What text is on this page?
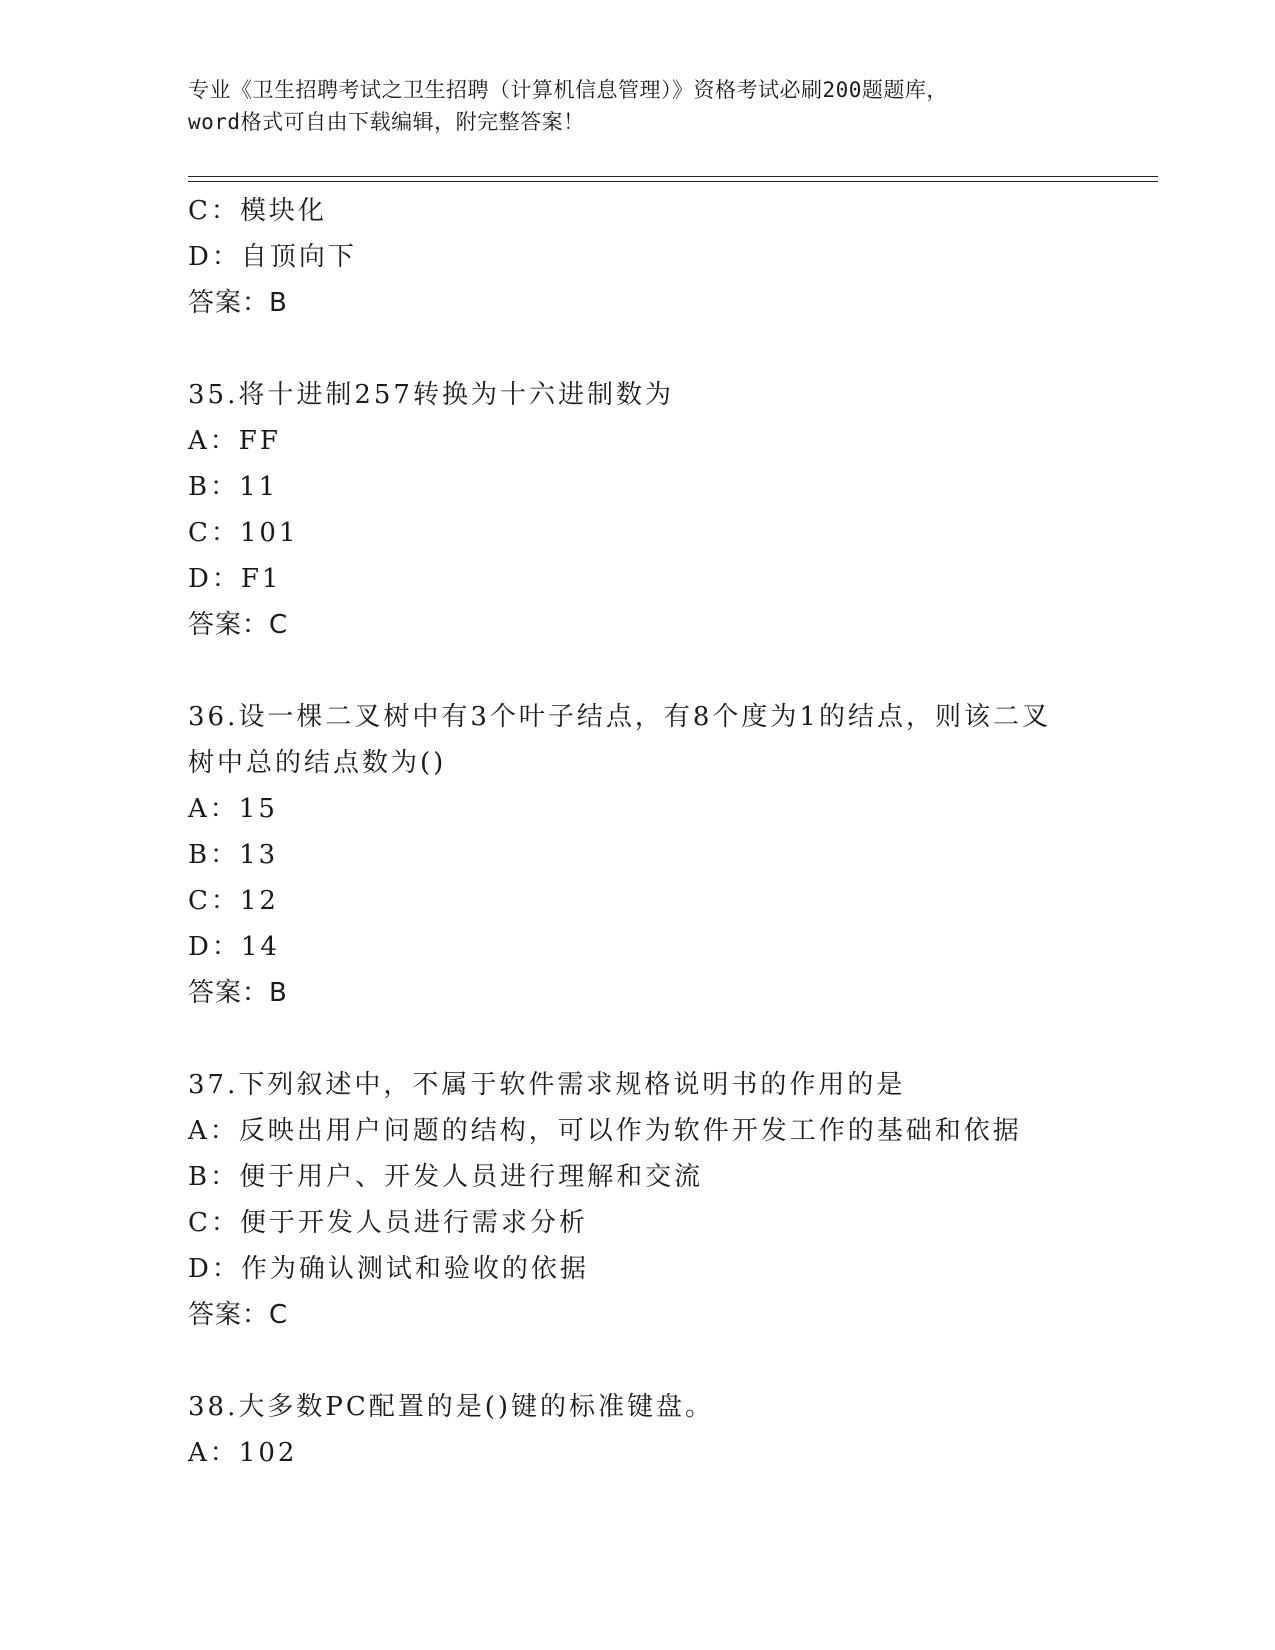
专业《卫生招聘考试之卫生招聘（计算机信息管理）》资格考试必刷200题题库，
word格式可自由下载编辑，附完整答案！
C：模块化
D：自顶向下
答案：B
35.将十进制257转换为十六进制数为
A：FF
B：11
C：101
D：F1
答案：C
36.设一棵二叉树中有3个叶子结点，有8个度为1的结点，则该二叉
树中总的结点数为()
A：15
B：13
C：12
D：14
答案：B
37.下列叙述中，不属于软件需求规格说明书的作用的是
A：反映出用户问题的结构，可以作为软件开发工作的基础和依据
B：便于用户、开发人员进行理解和交流
C：便于开发人员进行需求分析
D：作为确认测试和验收的依据
答案：C
38.大多数PC配置的是()键的标准键盘。
A：102
